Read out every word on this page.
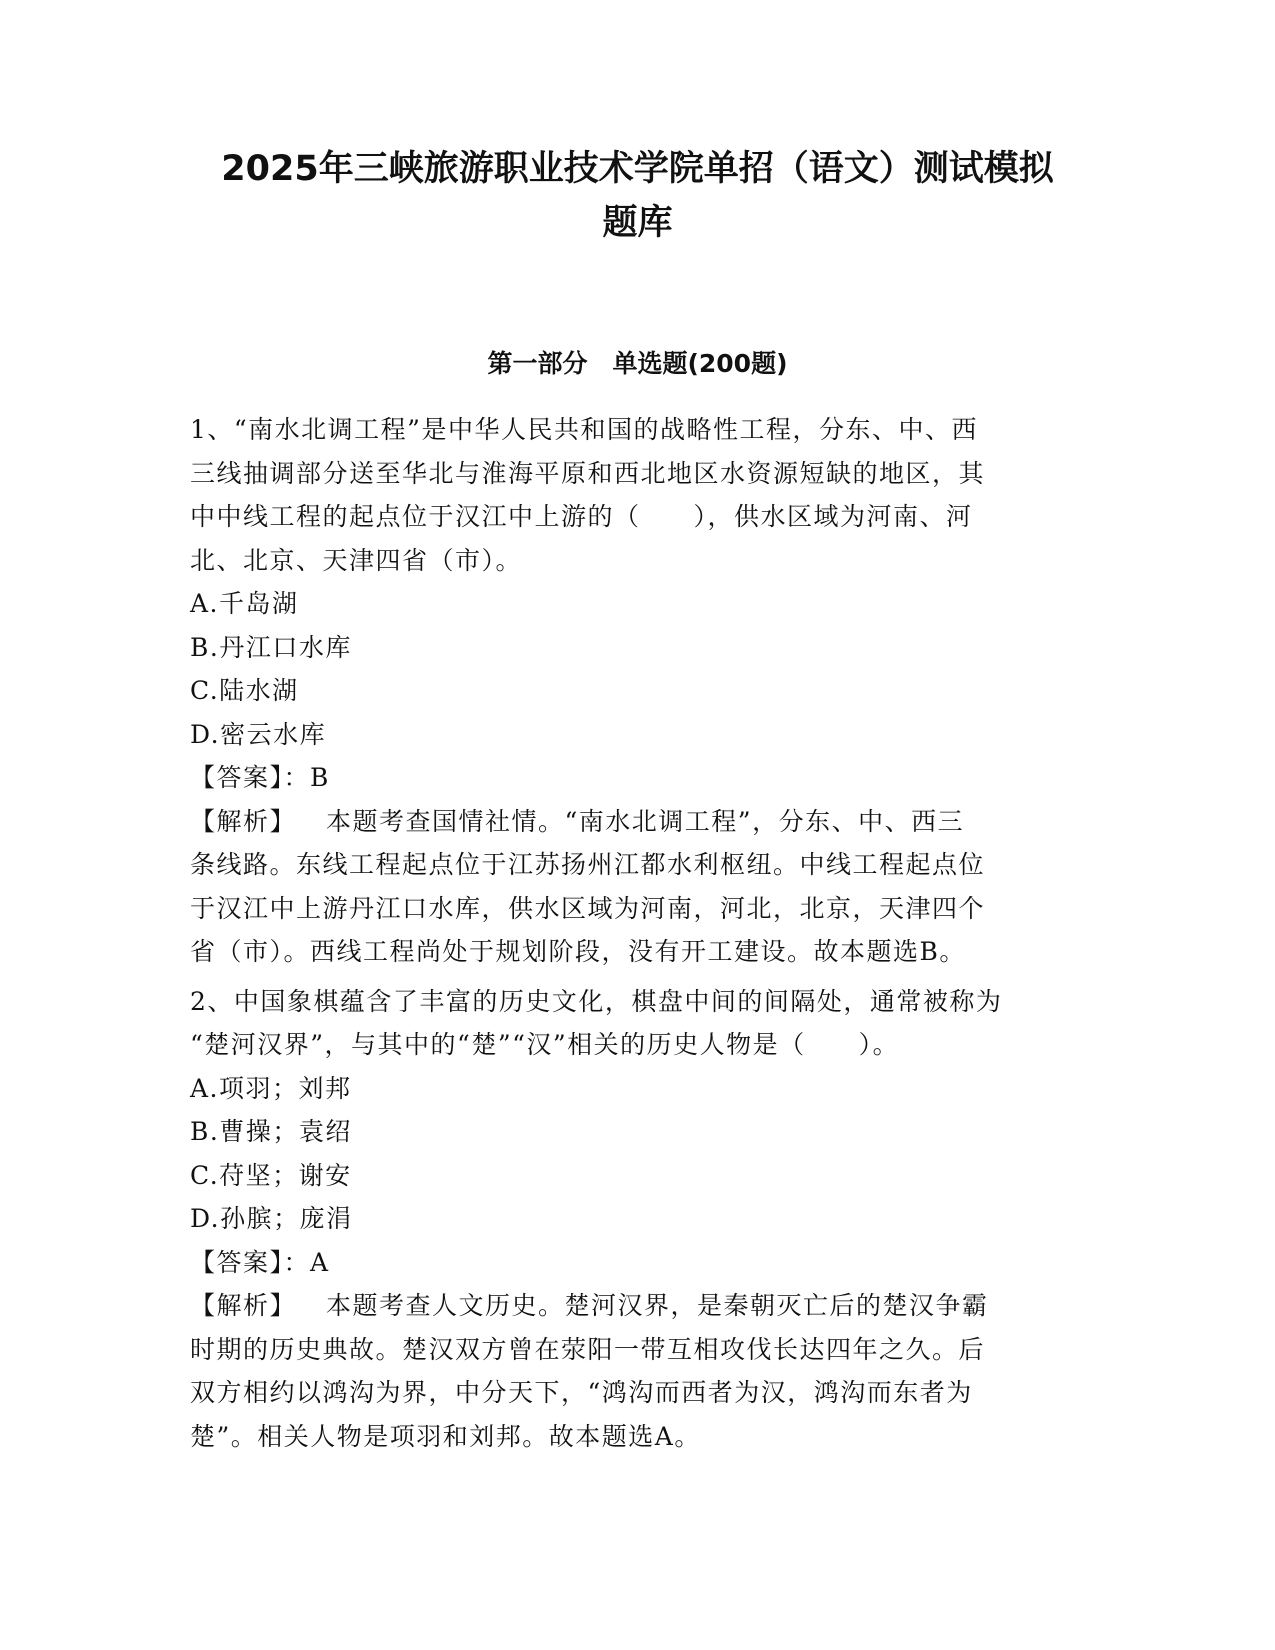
2025年三峡旅游职业技术学院单招（语文）测试模拟
题库
第一部分　单选题(200题)
1、“南水北调工程”是中华人民共和国的战略性工程，分东、中、西
三线抽调部分送至华北与淮海平原和西北地区水资源短缺的地区，其
中中线工程的起点位于汉江中上游的（　　），供水区域为河南、河
北、北京、天津四省（市）。
A.千岛湖
B.丹江口水库
C.陆水湖
D.密云水库
【答案】：B
【解析】 本题考查国情社情。“南水北调工程”，分东、中、西三
条线路。东线工程起点位于江苏扬州江都水利枢纽。中线工程起点位
于汉江中上游丹江口水库，供水区域为河南，河北，北京，天津四个
省（市）。西线工程尚处于规划阶段，没有开工建设。故本题选B。
2、中国象棋蕴含了丰富的历史文化，棋盘中间的间隔处，通常被称为
“楚河汉界”，与其中的“楚”“汉”相关的历史人物是（　　）。
A.项羽；刘邦
B.曹操；袁绍
C.苻坚；谢安
D.孙膑；庞涓
【答案】：A
【解析】 本题考查人文历史。楚河汉界，是秦朝灭亡后的楚汉争霸
时期的历史典故。楚汉双方曾在荥阳一带互相攻伐长达四年之久。后
双方相约以鸿沟为界，中分天下，“鸿沟而西者为汉，鸿沟而东者为
楚”。相关人物是项羽和刘邦。故本题选A。
